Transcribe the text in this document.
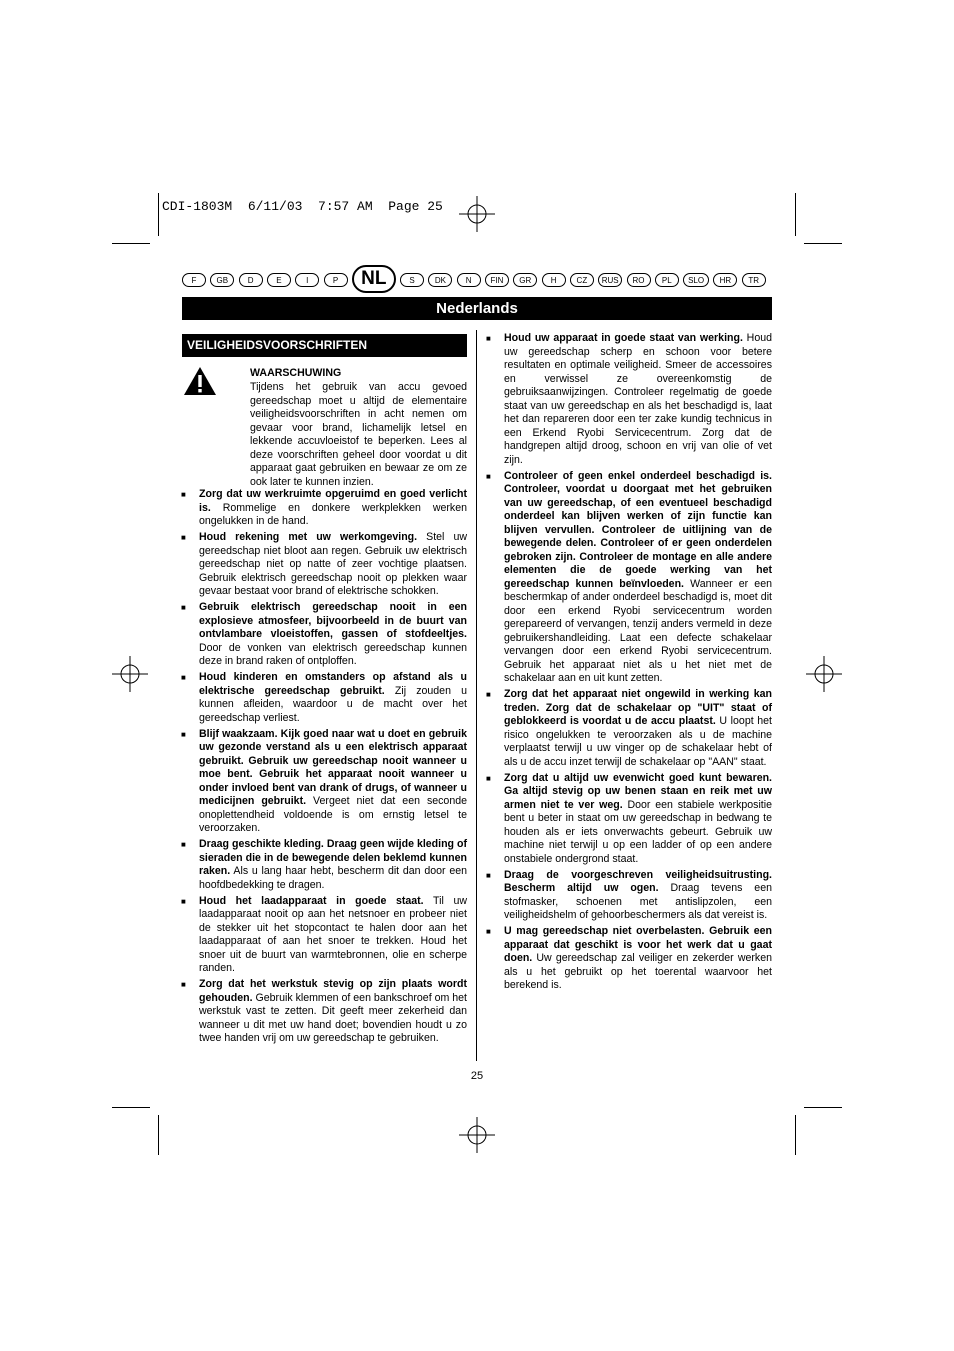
CDI-1803M  6/11/03  7:57 AM  Page 25
F	GB	D	E	I	P	NL	S	DK	N	FIN	GR	H	CZ	RUS	RO	PL	SLO	HR	TR
Nederlands
VEILIGHEIDSVOORSCHRIFTEN
WAARSCHUWING
Tijdens het gebruik van accu gevoed gereedschap moet u altijd de elementaire veiligheidsvoorschriften in acht nemen om gevaar voor brand, lichamelijk letsel en lekkende accuvloeistof te beperken. Lees al deze voorschriften geheel door voordat u dit apparaat gaat gebruiken en bewaar ze om ze ook later te kunnen inzien.
■ Zorg dat uw werkruimte opgeruimd en goed verlicht is. Rommelige en donkere werkplekken werken ongelukken in de hand.
■ Houd rekening met uw werkomgeving. Stel uw gereedschap niet bloot aan regen. Gebruik uw elektrisch gereedschap niet op natte of zeer vochtige plaatsen. Gebruik elektrisch gereedschap nooit op plekken waar gevaar bestaat voor brand of elektrische schokken.
■ Gebruik elektrisch gereedschap nooit in een explosieve atmosfeer, bijvoorbeeld in de buurt van ontvlambare vloeistoffen, gassen of stofdeeltjes. Door de vonken van elektrisch gereedschap kunnen deze in brand raken of ontploffen.
■ Houd kinderen en omstanders op afstand als u elektrische gereedschap gebruikt. Zij zouden u kunnen afleiden, waardoor u de macht over het gereedschap verliest.
■ Blijf waakzaam. Kijk goed naar wat u doet en gebruik uw gezonde verstand als u een elektrisch apparaat gebruikt. Gebruik uw gereedschap nooit wanneer u moe bent. Gebruik het apparaat nooit wanneer u onder invloed bent van drank of drugs, of wanneer u medicijnen gebruikt. Vergeet niet dat een seconde onoplettendheid voldoende is om ernstig letsel te veroorzaken.
■ Draag geschikte kleding. Draag geen wijde kleding of sieraden die in de bewegende delen beklemd kunnen raken. Als u lang haar hebt, bescherm dit dan door een hoofdbedekking te dragen.
■ Houd het laadapparaat in goede staat. Til uw laadapparaat nooit op aan het netsnoer en probeer niet de stekker uit het stopcontact te halen door aan het laadapparaat of aan het snoer te trekken. Houd het snoer uit de buurt van warmtebronnen, olie en scherpe randen.
■ Zorg dat het werkstuk stevig op zijn plaats wordt gehouden. Gebruik klemmen of een bankschroef om het werkstuk vast te zetten. Dit geeft meer zekerheid dan wanneer u dit met uw hand doet; bovendien houdt u zo twee handen vrij om uw gereedschap te gebruiken.
■ Houd uw apparaat in goede staat van werking. Houd uw gereedschap scherp en schoon voor betere resultaten en optimale veiligheid. Smeer de accessoires en verwissel ze overeenkomstig de gebruiksaanwijzingen. Controleer regelmatig de goede staat van uw gereedschap en als het beschadigd is, laat het dan repareren door een ter zake kundig technicus in een Erkend Ryobi Servicecentrum. Zorg dat de handgrepen altijd droog, schoon en vrij van olie of vet zijn.
■ Controleer of geen enkel onderdeel beschadigd is. Controleer, voordat u doorgaat met het gebruiken van uw gereedschap, of een eventueel beschadigd onderdeel kan blijven werken of zijn functie kan blijven vervullen. Controleer de uitlijning van de bewegende delen. Controleer of er geen onderdelen gebroken zijn. Controleer de montage en alle andere elementen die de goede werking van het gereedschap kunnen beïnvloeden. Wanneer er een beschermkap of ander onderdeel beschadigd is, moet dit door een erkend Ryobi servicecentrum worden gerepareerd of vervangen, tenzij anders vermeld in deze gebruikershandleiding. Laat een defecte schakelaar vervangen door een erkend Ryobi servicecentrum. Gebruik het apparaat niet als u het niet met de schakelaar aan en uit kunt zetten.
■ Zorg dat het apparaat niet ongewild in werking kan treden. Zorg dat de schakelaar op "UIT" staat of geblokkeerd is voordat u de accu plaatst. U loopt het risico ongelukken te veroorzaken als u de machine verplaatst terwijl u uw vinger op de schakelaar hebt of als u de accu inzet terwijl de schakelaar op "AAN" staat.
■ Zorg dat u altijd uw evenwicht goed kunt bewaren. Ga altijd stevig op uw benen staan en reik met uw armen niet te ver weg. Door een stabiele werkpositie bent u beter in staat om uw gereedschap in bedwang te houden als er iets onverwachts gebeurt. Gebruik uw machine niet terwijl u op een ladder of op een andere onstabiele ondergrond staat.
■ Draag de voorgeschreven veiligheidsuitrusting. Bescherm altijd uw ogen. Draag tevens een stofmasker, schoenen met antislipzolen, een veiligheidshelm of gehoorbeschermers als dat vereist is.
■ U mag gereedschap niet overbelasten. Gebruik een apparaat dat geschikt is voor het werk dat u gaat doen. Uw gereedschap zal veiliger en zekerder werken als u het gebruikt op het toerental waarvoor het berekend is.
25
